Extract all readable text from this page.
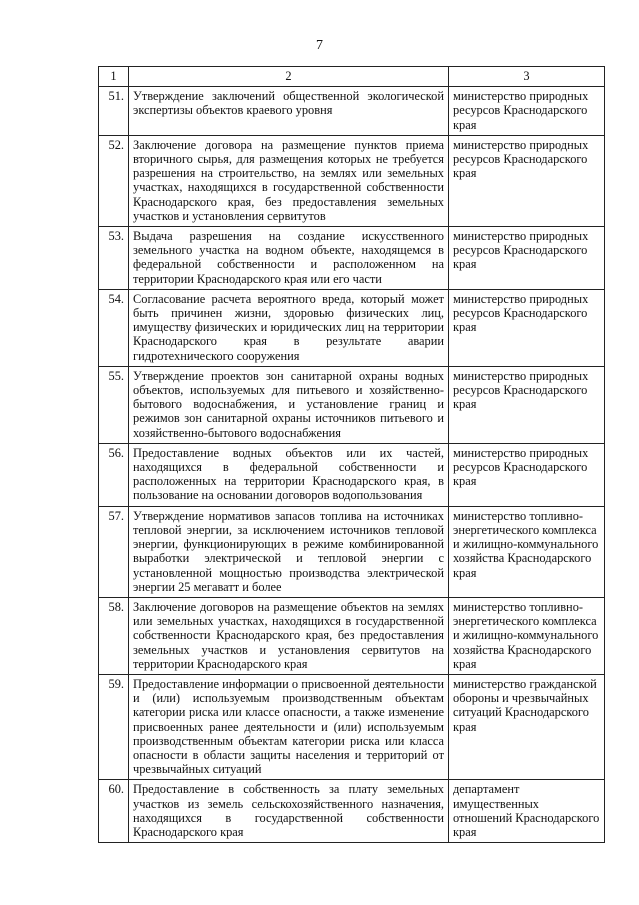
7
1	2	3
51.	Утверждение заключений общественной экологической экспертизы объектов краевого уровня	министерство природных ресурсов Краснодарского края
52.	Заключение договора на размещение пунктов приема вторичного сырья, для размещения которых не требуется разрешения на строительство, на землях или земельных участках, находящихся в государственной собственности Краснодарского края, без предоставления земельных участков и установления сервитутов	министерство природных ресурсов Краснодарского края
53.	Выдача разрешения на создание искусственного земельного участка на водном объекте, находящемся в федеральной собственности и расположенном на территории Краснодарского края или его части	министерство природных ресурсов Краснодарского края
54.	Согласование расчета вероятного вреда, который может быть причинен жизни, здоровью физических лиц, имуществу физических и юридических лиц на территории Краснодарского края в результате аварии гидротехнического сооружения	министерство природных ресурсов Краснодарского края
55.	Утверждение проектов зон санитарной охраны водных объектов, используемых для питьевого и хозяйственно-бытового водоснабжения, и установление границ и режимов зон санитарной охраны источников питьевого и хозяйственно-бытового водоснабжения	министерство природных ресурсов Краснодарского края
56.	Предоставление водных объектов или их частей, находящихся в федеральной собственности и расположенных на территории Краснодарского края, в пользование на основании договоров водопользования	министерство природных ресурсов Краснодарского края
57.	Утверждение нормативов запасов топлива на источниках тепловой энергии, за исключением источников тепловой энергии, функционирующих в режиме комбинированной выработки электрической и тепловой энергии с установленной мощностью производства электрической энергии 25 мегаватт и более	министерство топливно-энергетического комплекса и жилищно-коммунального хозяйства Краснодарского края
58.	Заключение договоров на размещение объектов на землях или земельных участках, находящихся в государственной собственности Краснодарского края, без предоставления земельных участков и установления сервитутов на территории Краснодарского края	министерство топливно-энергетического комплекса и жилищно-коммунального хозяйства Краснодарского края
59.	Предоставление информации о присвоенной деятельности и (или) используемым производственным объектам категории риска или классе опасности, а также изменение присвоенных ранее деятельности и (или) используемым производственным объектам категории риска или класса опасности в области защиты населения и территорий от чрезвычайных ситуаций	министерство гражданской обороны и чрезвычайных ситуаций Краснодарского края
60.	Предоставление в собственность за плату земельных участков из земель сельскохозяйственного назначения, находящихся в государственной собственности Краснодарского края	департамент имущественных отношений Краснодарского края
